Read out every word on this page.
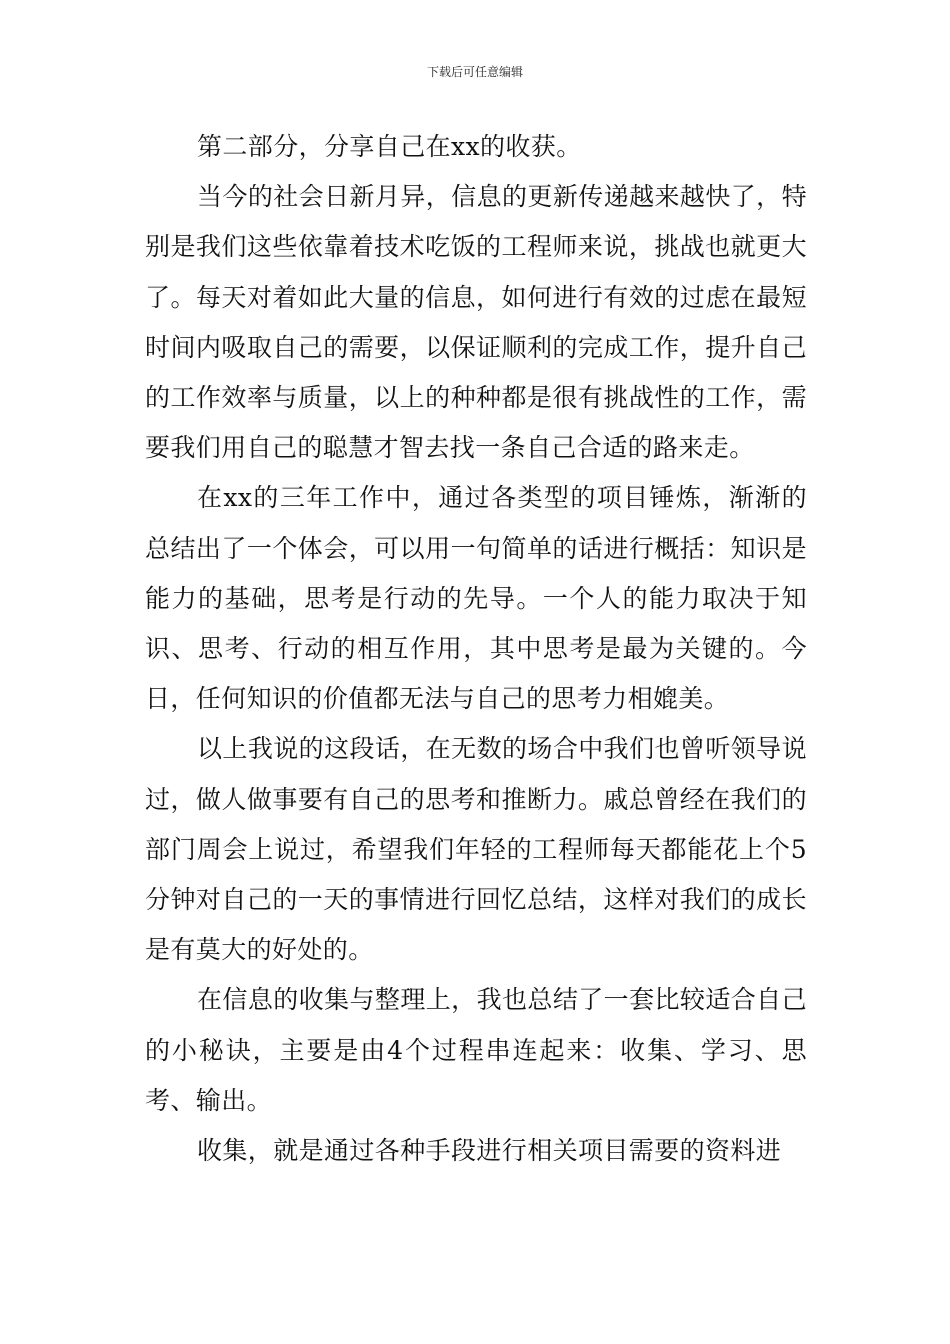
下载后可任意编辑

第二部分，分享自己在xx的收获。

当今的社会日新月异，信息的更新传递越来越快了，特别是我们这些依靠着技术吃饭的工程师来说，挑战也就更大了。每天对着如此大量的信息，如何进行有效的过虑在最短时间内吸取自己的需要，以保证顺利的完成工作，提升自己的工作效率与质量，以上的种种都是很有挑战性的工作，需要我们用自己的聪慧才智去找一条自己合适的路来走。

在xx的三年工作中，通过各类型的项目锤炼，渐渐的总结出了一个体会，可以用一句简单的话进行概括：知识是能力的基础，思考是行动的先导。一个人的能力取决于知识、思考、行动的相互作用，其中思考是最为关键的。今日，任何知识的价值都无法与自己的思考力相媲美。

以上我说的这段话，在无数的场合中我们也曾听领导说过，做人做事要有自己的思考和推断力。戚总曾经在我们的部门周会上说过，希望我们年轻的工程师每天都能花上个5分钟对自己的一天的事情进行回忆总结，这样对我们的成长是有莫大的好处的。

在信息的收集与整理上，我也总结了一套比较适合自己的小秘诀，主要是由4个过程串连起来：收集、学习、思考、输出。

收集，就是通过各种手段进行相关项目需要的资料进
